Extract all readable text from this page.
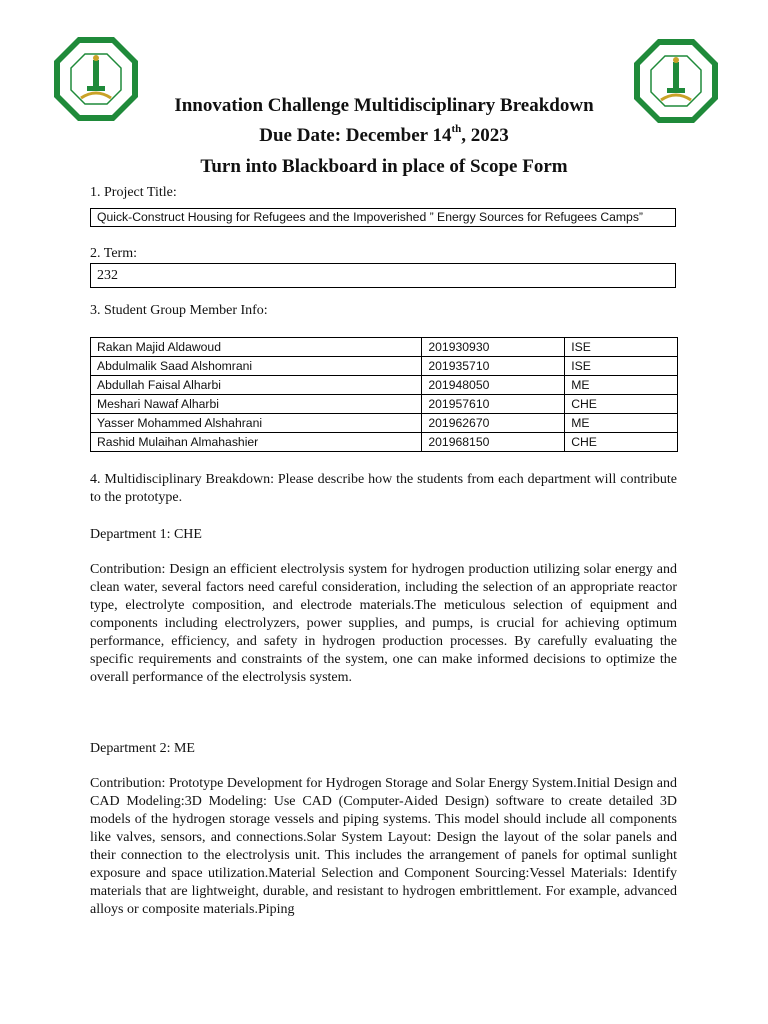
Innovation Challenge Multidisciplinary Breakdown
Due Date: December 14th, 2023
Turn into Blackboard in place of Scope Form
1. Project Title:
Quick-Construct Housing for Refugees and the Impoverished ” Energy Sources for Refugees Camps”
2. Term:
232
3. Student Group Member Info:
Rakan Majid Aldawoud	201930930	ISE
Abdulmalik Saad Alshomrani	201935710	ISE
Abdullah Faisal Alharbi	201948050	ME
Meshari Nawaf Alharbi	201957610	CHE
Yasser Mohammed Alshahrani	201962670	ME
Rashid Mulaihan Almahashier	201968150	CHE
4. Multidisciplinary Breakdown: Please describe how the students from each department will contribute to the prototype.
Department 1: CHE
Contribution: Design an efficient electrolysis system for hydrogen production utilizing solar energy and clean water, several factors need careful consideration, including the selection of an appropriate reactor type, electrolyte composition, and electrode materials.The meticulous selection of equipment and components including electrolyzers, power supplies, and pumps, is crucial for achieving optimum performance, efficiency, and safety in hydrogen production processes. By carefully evaluating the specific requirements and constraints of the system, one can make informed decisions to optimize the overall performance of the electrolysis system.
Department 2: ME
Contribution: Prototype Development for Hydrogen Storage and Solar Energy System.Initial Design and CAD Modeling:3D Modeling: Use CAD (Computer-Aided Design) software to create detailed 3D models of the hydrogen storage vessels and piping systems. This model should include all components like valves, sensors, and connections.Solar System Layout: Design the layout of the solar panels and their connection to the electrolysis unit. This includes the arrangement of panels for optimal sunlight exposure and space utilization.Material Selection and Component Sourcing:Vessel Materials: Identify materials that are lightweight, durable, and resistant to hydrogen embrittlement. For example, advanced alloys or composite materials.Piping
